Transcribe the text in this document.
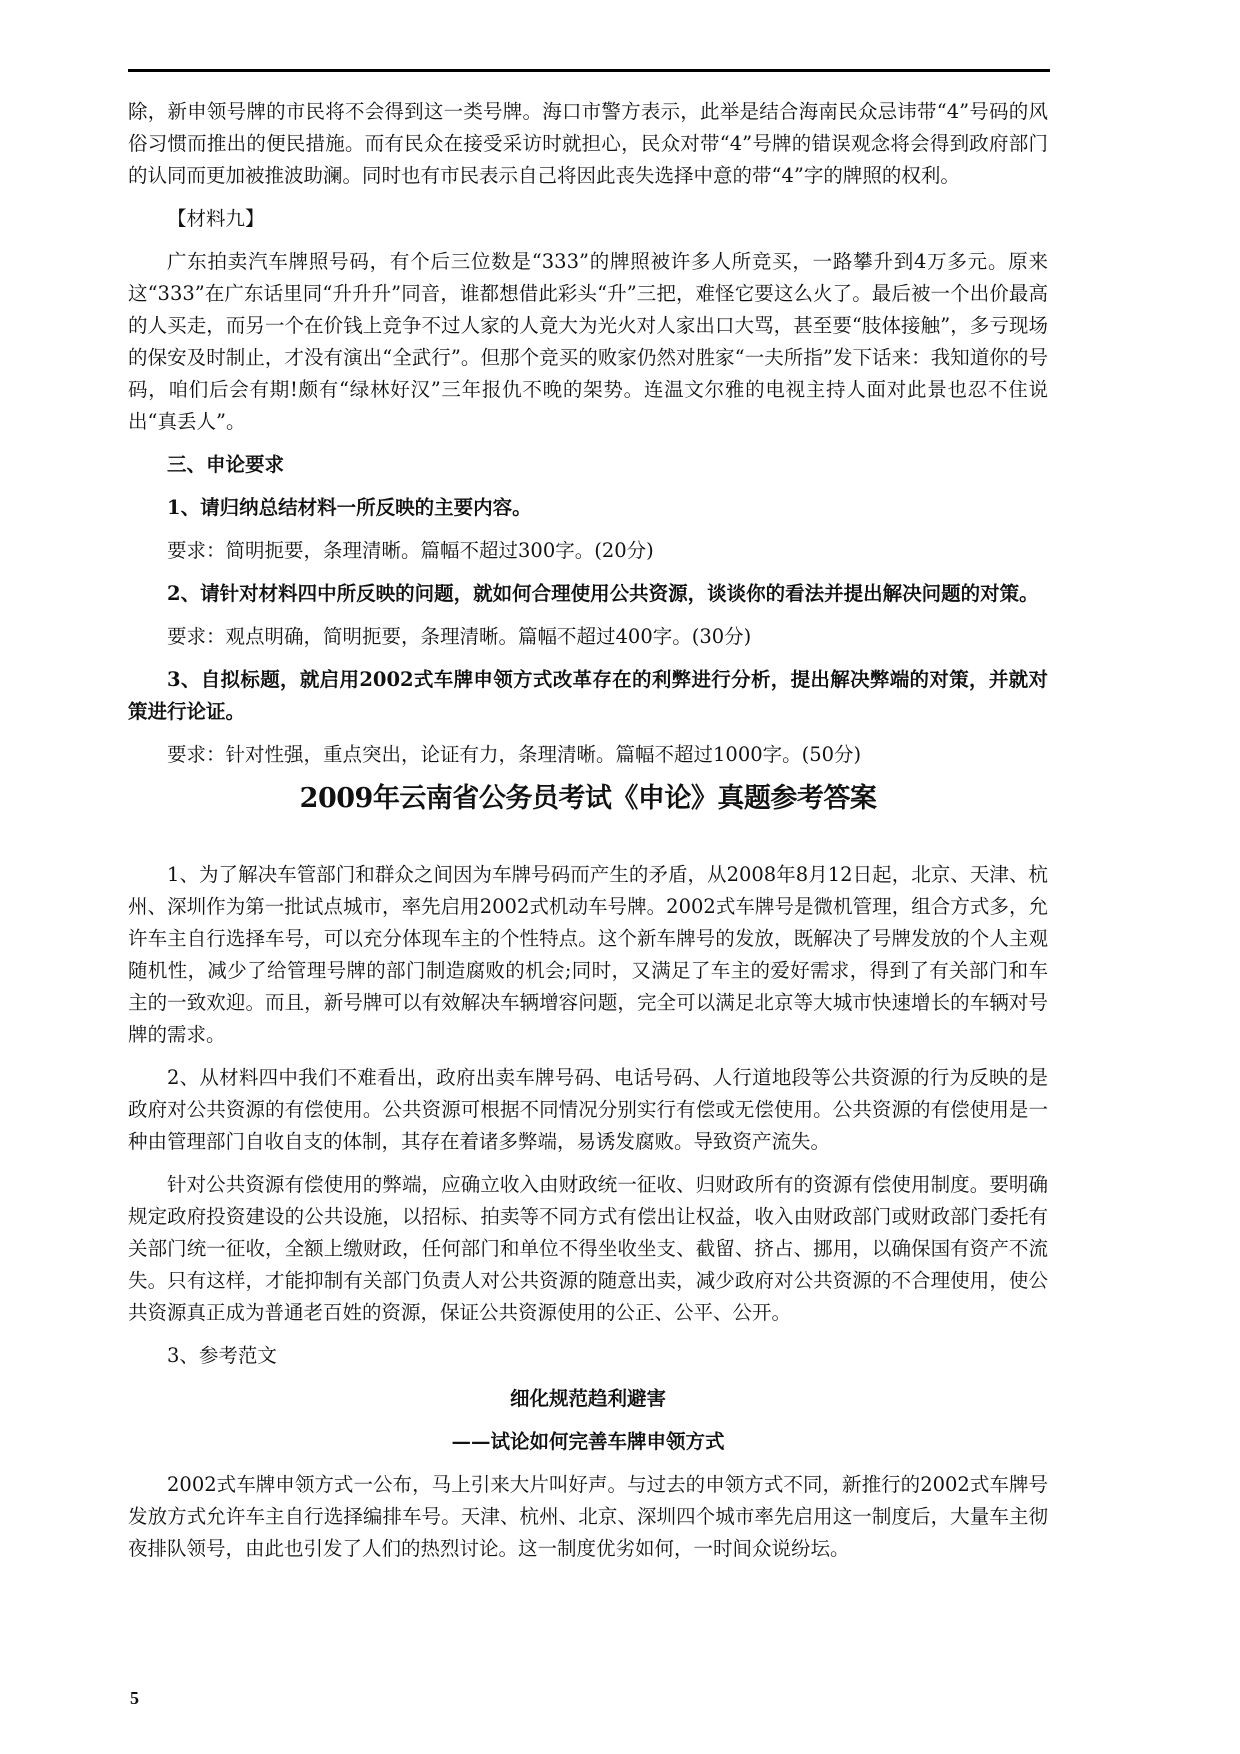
除，新申领号牌的市民将不会得到这一类号牌。海口市警方表示，此举是结合海南民众忌讳带“4”号码的风俗习惯而推出的便民措施。而有民众在接受采访时就担心，民众对带“4”号牌的错误观念将会得到政府部门的认同而更加被推波助澜。同时也有市民表示自己将因此丧失选择中意的带“4”字的牌照的权利。

【材料九】

广东拍卖汽车牌照号码，有个后三位数是“333”的牌照被许多人所竞买，一路攀升到4万多元。原来这“333”在广东话里同“升升升”同音，谁都想借此彩头“升”三把，难怪它要这么火了。最后被一个出价最高的人买走，而另一个在价钱上竞争不过人家的人竟大为光火对人家出口大骂，甚至要“肢体接触”，多亏现场的保安及时制止，才没有演出“全武行”。但那个竞买的败家仍然对胜家“一夫所指”发下话来：我知道你的号码，咱们后会有期!颇有“绿林好汉”三年报仇不晚的架势。连温文尔雅的电视主持人面对此景也忍不住说出“真丢人”。

三、申论要求

1、请归纳总结材料一所反映的主要内容。

要求：简明扼要，条理清晰。篇幅不超过300字。(20分)

2、请针对材料四中所反映的问题，就如何合理使用公共资源，谈谈你的看法并提出解决问题的对策。

要求：观点明确，简明扼要，条理清晰。篇幅不超过400字。(30分)

3、自拟标题，就启用2002式车牌申领方式改革存在的利弊进行分析，提出解决弊端的对策，并就对策进行论证。

要求：针对性强，重点突出，论证有力，条理清晰。篇幅不超过1000字。(50分)

2009年云南省公务员考试《申论》真题参考答案

1、为了解决车管部门和群众之间因为车牌号码而产生的矛盾，从2008年8月12日起，北京、天津、杭州、深圳作为第一批试点城市，率先启用2002式机动车号牌。2002式车牌号是微机管理，组合方式多，允许车主自行选择车号，可以充分体现车主的个性特点。这个新车牌号的发放，既解决了号牌发放的个人主观随机性，减少了给管理号牌的部门制造腐败的机会;同时，又满足了车主的爱好需求，得到了有关部门和车主的一致欢迎。而且，新号牌可以有效解决车辆增容问题，完全可以满足北京等大城市快速增长的车辆对号牌的需求。

2、从材料四中我们不难看出，政府出卖车牌号码、电话号码、人行道地段等公共资源的行为反映的是政府对公共资源的有偿使用。公共资源可根据不同情况分别实行有偿或无偿使用。公共资源的有偿使用是一种由管理部门自收自支的体制，其存在着诸多弊端，易诱发腐败。导致资产流失。

针对公共资源有偿使用的弊端，应确立收入由财政统一征收、归财政所有的资源有偿使用制度。要明确规定政府投资建设的公共设施，以招标、拍卖等不同方式有偿出让权益，收入由财政部门或财政部门委托有关部门统一征收，全额上缴财政，任何部门和单位不得坐收坐支、截留、挤占、挪用，以确保国有资产不流失。只有这样，才能抑制有关部门负责人对公共资源的随意出卖，减少政府对公共资源的不合理使用，使公共资源真正成为普通老百姓的资源，保证公共资源使用的公正、公平、公开。

3、参考范文

细化规范趋利避害

——试论如何完善车牌申领方式

2002式车牌申领方式一公布，马上引来大片叫好声。与过去的申领方式不同，新推行的2002式车牌号发放方式允许车主自行选择编排车号。天津、杭州、北京、深圳四个城市率先启用这一制度后，大量车主彻夜排队领号，由此也引发了人们的热烈讨论。这一制度优劣如何，一时间众说纷坛。

5
